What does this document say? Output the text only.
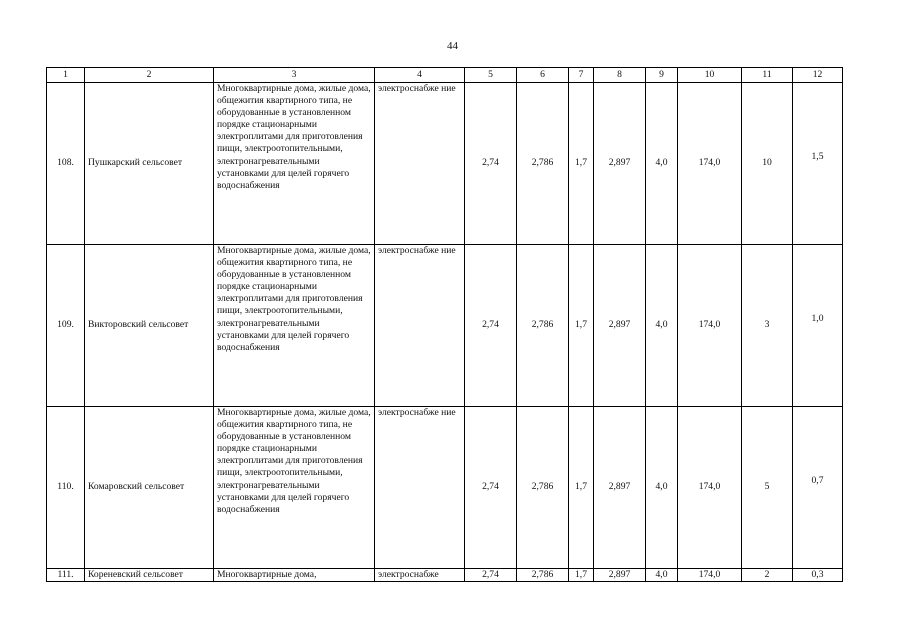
44
1	2	3	4	5	6	7	8	9	10	11	12
108.	Пушкарский сельсовет	Многоквартирные дома, жилые дома, общежития квартирного типа, не оборудованные в установленном порядке стационарными электроплитами для приготовления пищи, электроотопительными, электронагревательными установками для целей горячего водоснабжения	электроснабже ние	2,74	2,786	1,7	2,897	4,0	174,0	10	1,5
109.	Викторовский сельсовет	Многоквартирные дома, жилые дома, общежития квартирного типа, не оборудованные в установленном порядке стационарными электроплитами для приготовления пищи, электроотопительными, электронагревательными установками для целей горячего водоснабжения	электроснабже ние	2,74	2,786	1,7	2,897	4,0	174,0	3	1,0
110.	Комаровский сельсовет	Многоквартирные дома, жилые дома, общежития квартирного типа, не оборудованные в установленном порядке стационарными электроплитами для приготовления пищи, электроотопительными, электронагревательными установками для целей горячего водоснабжения	электроснабже ние	2,74	2,786	1,7	2,897	4,0	174,0	5	0,7
111.	Кореневский сельсовет	Многоквартирные дома,	электроснабже	2,74	2,786	1,7	2,897	4,0	174,0	2	0,3
